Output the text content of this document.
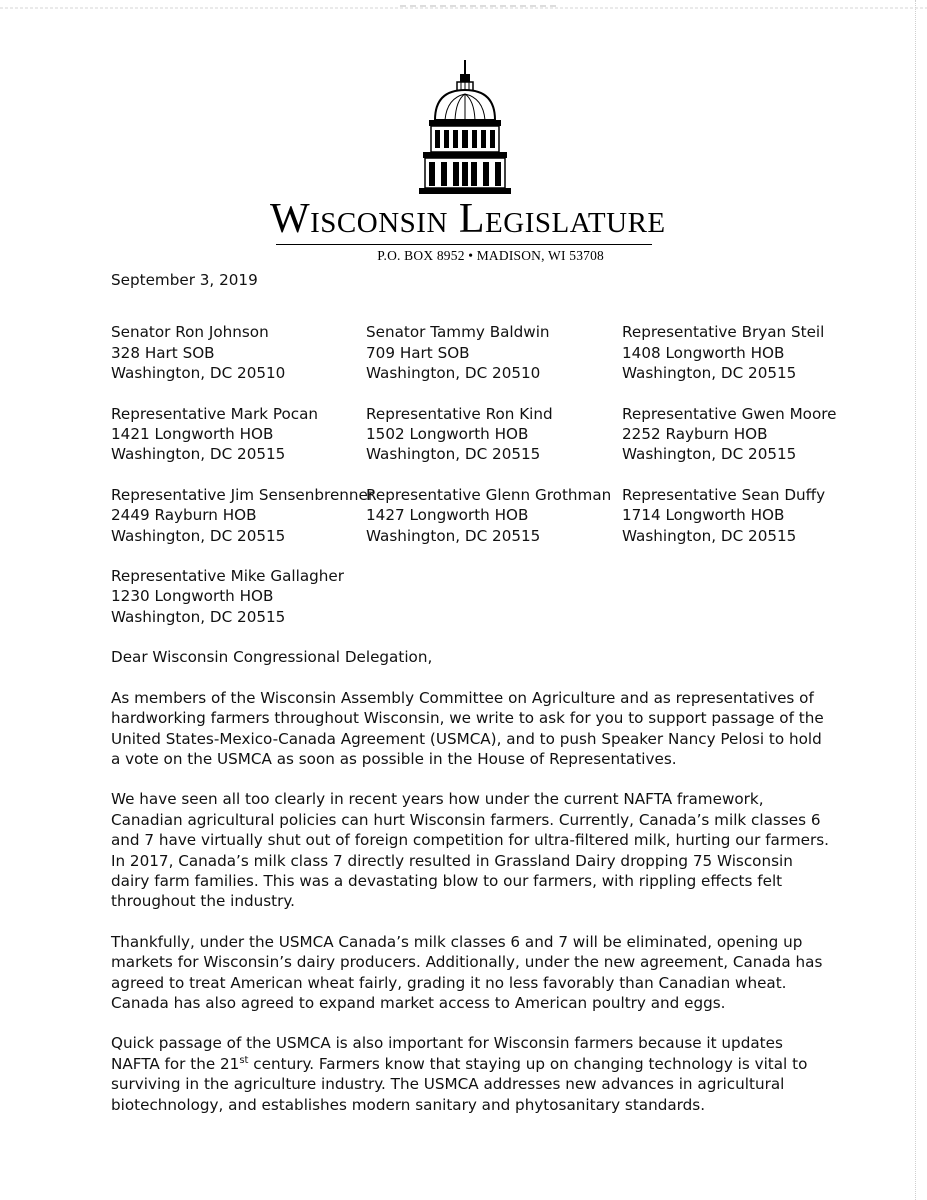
Wisconsin Legislature
P.O. BOX 8952 • MADISON, WI 53708
September 3, 2019
Senator Ron Johnson
328 Hart SOB
Washington, DC 20510
Senator Tammy Baldwin
709 Hart SOB
Washington, DC 20510
Representative Bryan Steil
1408 Longworth HOB
Washington, DC 20515
Representative Mark Pocan
1421 Longworth HOB
Washington, DC 20515
Representative Ron Kind
1502 Longworth HOB
Washington, DC 20515
Representative Gwen Moore
2252 Rayburn HOB
Washington, DC 20515
Representative Jim Sensenbrenner
2449 Rayburn HOB
Washington, DC 20515
Representative Glenn Grothman
1427 Longworth HOB
Washington, DC 20515
Representative Sean Duffy
1714 Longworth HOB
Washington, DC 20515
Representative Mike Gallagher
1230 Longworth HOB
Washington, DC 20515
Dear Wisconsin Congressional Delegation,

As members of the Wisconsin Assembly Committee on Agriculture and as representatives of hardworking farmers throughout Wisconsin, we write to ask for you to support passage of the United States-Mexico-Canada Agreement (USMCA), and to push Speaker Nancy Pelosi to hold a vote on the USMCA as soon as possible in the House of Representatives.

We have seen all too clearly in recent years how under the current NAFTA framework, Canadian agricultural policies can hurt Wisconsin farmers. Currently, Canada’s milk classes 6 and 7 have virtually shut out of foreign competition for ultra-filtered milk, hurting our farmers. In 2017, Canada’s milk class 7 directly resulted in Grassland Dairy dropping 75 Wisconsin dairy farm families. This was a devastating blow to our farmers, with rippling effects felt throughout the industry.

Thankfully, under the USMCA Canada’s milk classes 6 and 7 will be eliminated, opening up markets for Wisconsin’s dairy producers. Additionally, under the new agreement, Canada has agreed to treat American wheat fairly, grading it no less favorably than Canadian wheat. Canada has also agreed to expand market access to American poultry and eggs.

Quick passage of the USMCA is also important for Wisconsin farmers because it updates NAFTA for the 21st century. Farmers know that staying up on changing technology is vital to surviving in the agriculture industry. The USMCA addresses new advances in agricultural biotechnology, and establishes modern sanitary and phytosanitary standards.
